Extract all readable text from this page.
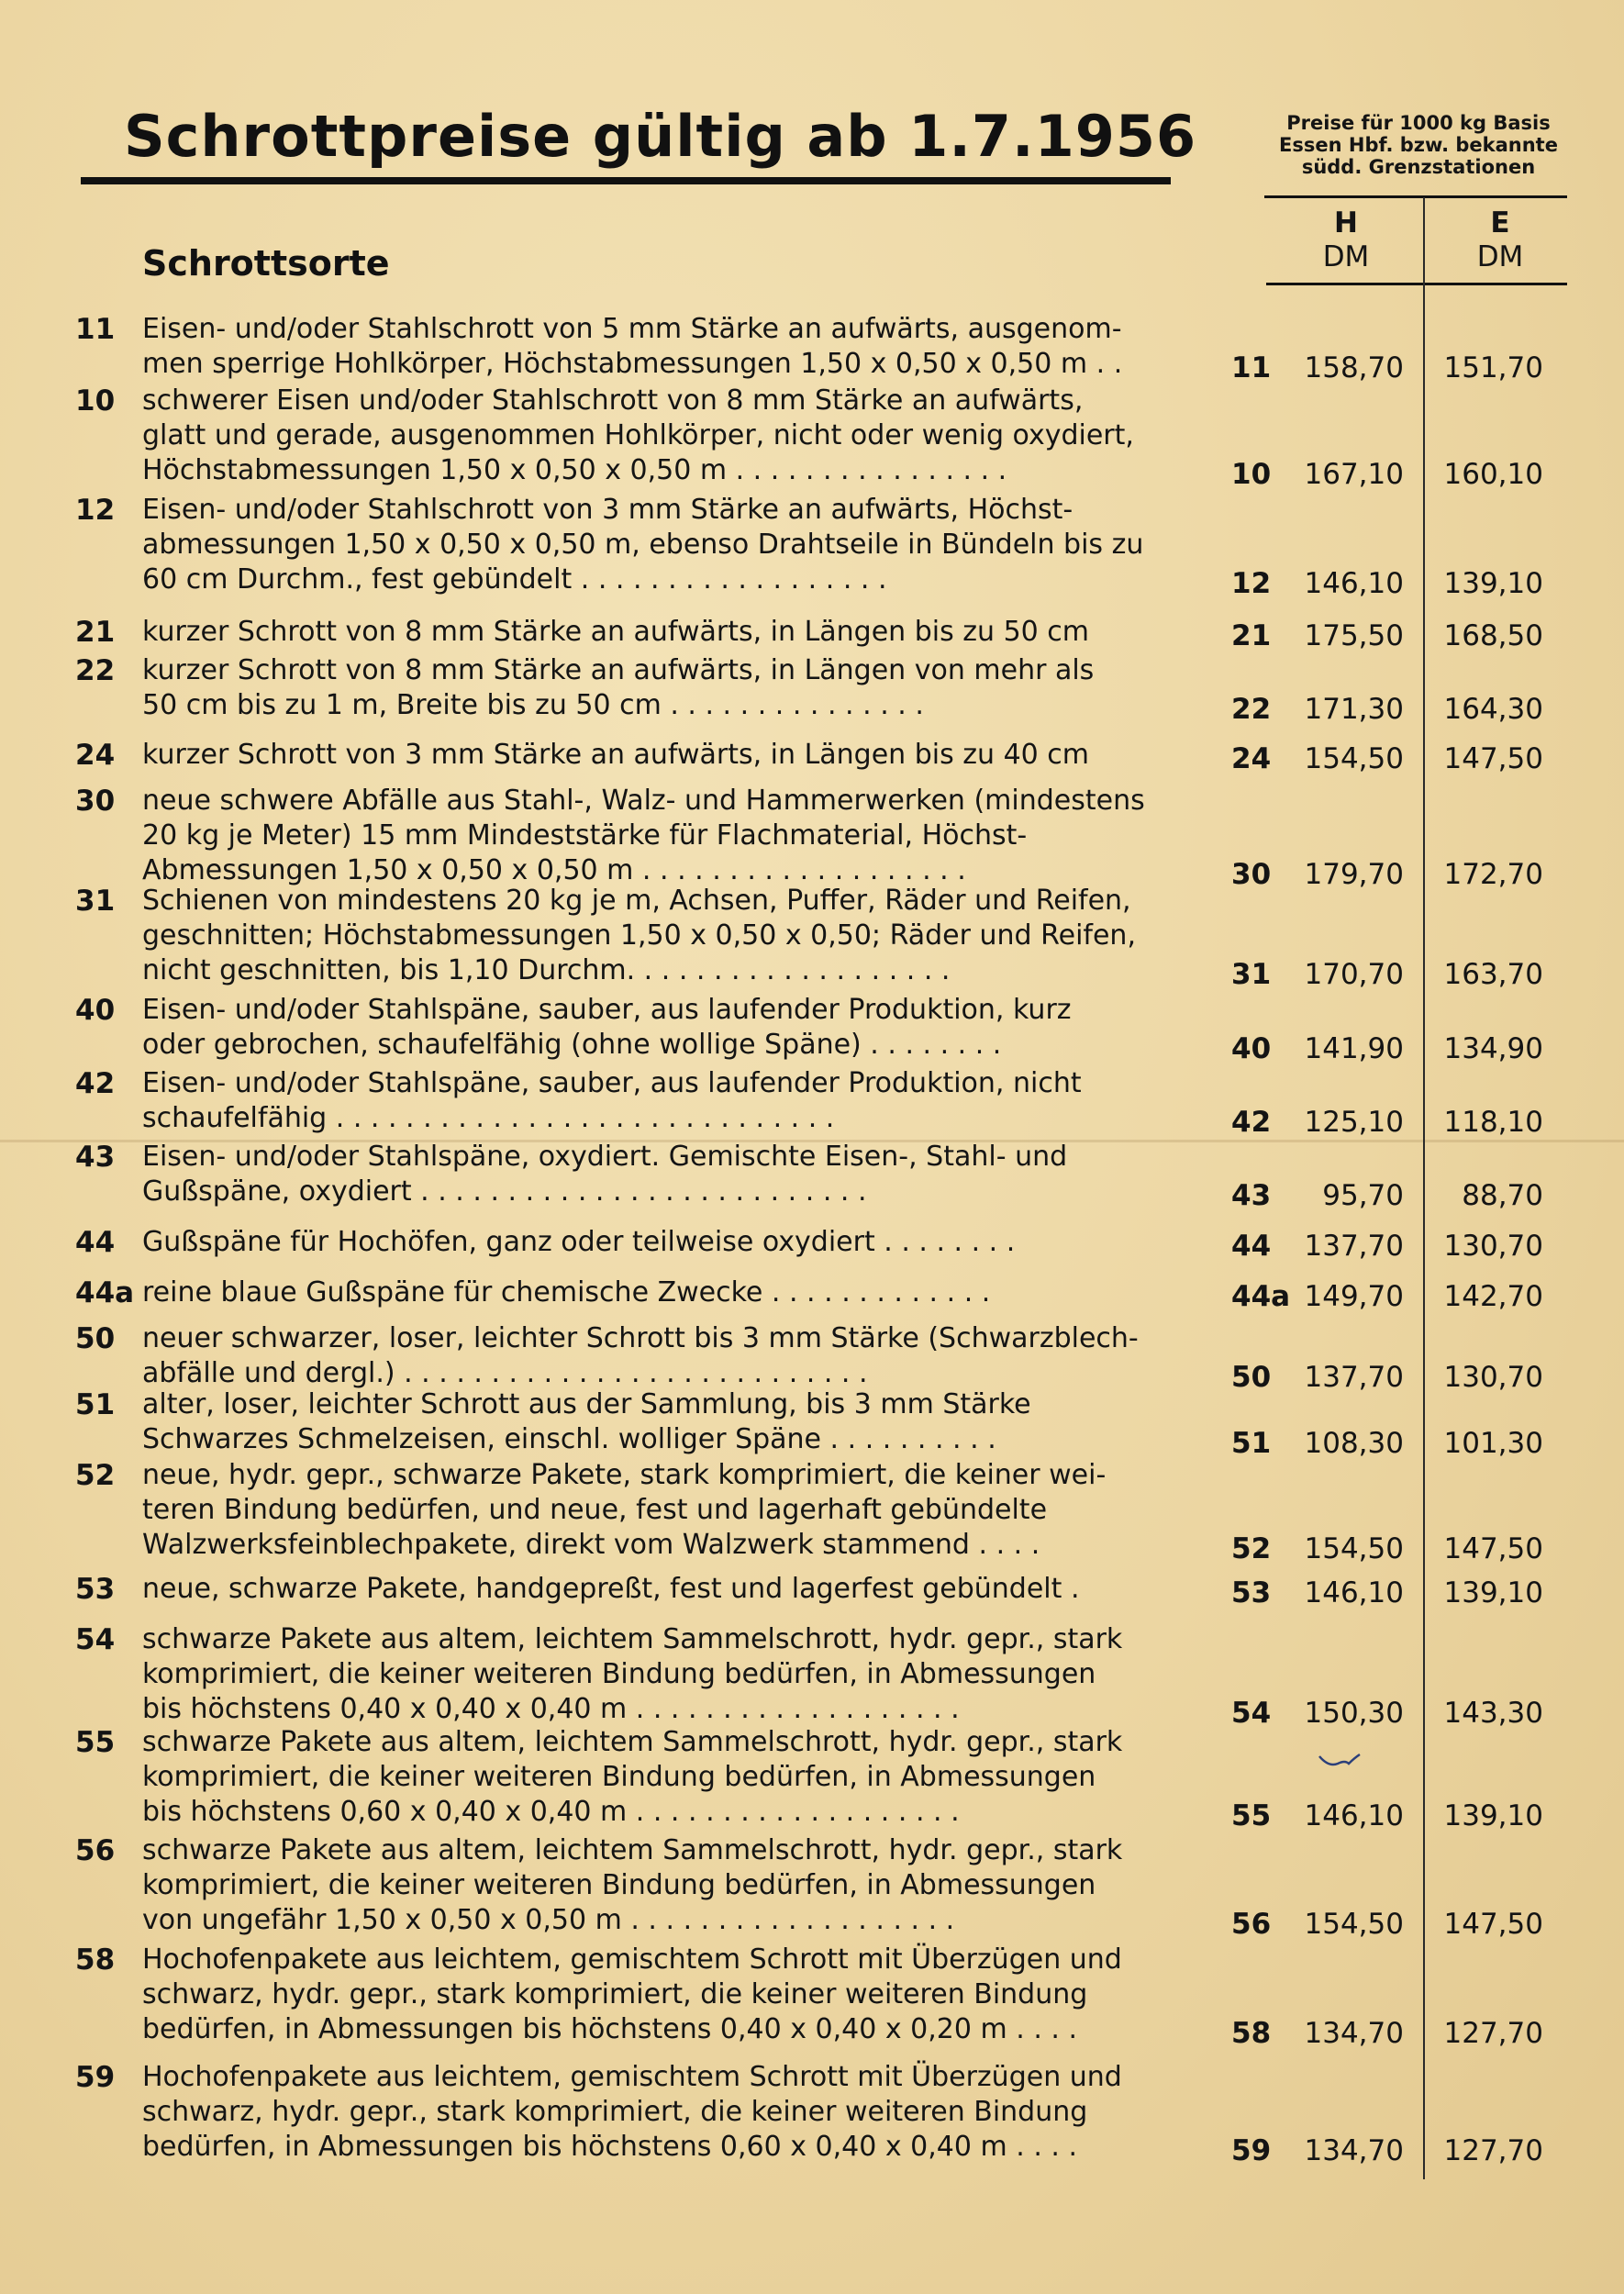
Schrottpreise gültig ab 1.7.1956	Preise für 1000 kg Basis
Essen Hbf. bzw. bekannte
südd. Grenzstationen
H
DM
E
DM
Schrottsorte
11 Eisen- und/oder Stahlschrott von 5 mm Stärke an aufwärts, ausgenom-
men sperrige Hohlkörper, Höchstabmessungen 1,50 x 0,50 x 0,50 m . .	11	158,70	151,70
10 schwerer Eisen und/oder Stahlschrott von 8 mm Stärke an aufwärts,
glatt und gerade, ausgenommen Hohlkörper, nicht oder wenig oxydiert,
Höchstabmessungen 1,50 x 0,50 x 0,50 m . . . . . . . . . . . . . . . .	10	167,10	160,10
12 Eisen- und/oder Stahlschrott von 3 mm Stärke an aufwärts, Höchst-
abmessungen 1,50 x 0,50 x 0,50 m, ebenso Drahtseile in Bündeln bis zu
60 cm Durchm., fest gebündelt . . . . . . . . . . . . . . . . . .	12	146,10	139,10
21 kurzer Schrott von 8 mm Stärke an aufwärts, in Längen bis zu 50 cm	21	175,50	168,50
22 kurzer Schrott von 8 mm Stärke an aufwärts, in Längen von mehr als
50 cm bis zu 1 m, Breite bis zu 50 cm . . . . . . . . . . . . . . .	22	171,30	164,30
24 kurzer Schrott von 3 mm Stärke an aufwärts, in Längen bis zu 40 cm	24	154,50	147,50
30 neue schwere Abfälle aus Stahl-, Walz- und Hammerwerken (mindestens
20 kg je Meter) 15 mm Mindeststärke für Flachmaterial, Höchst-
Abmessungen 1,50 x 0,50 x 0,50 m . . . . . . . . . . . . . . . . . . .	30	179,70	172,70
31 Schienen von mindestens 20 kg je m, Achsen, Puffer, Räder und Reifen,
geschnitten; Höchstabmessungen 1,50 x 0,50 x 0,50; Räder und Reifen,
nicht geschnitten, bis 1,10 Durchm. . . . . . . . . . . . . . . . . . .	31	170,70	163,70
40 Eisen- und/oder Stahlspäne, sauber, aus laufender Produktion, kurz
oder gebrochen, schaufelfähig (ohne wollige Späne) . . . . . . . .	40	141,90	134,90
42 Eisen- und/oder Stahlspäne, sauber, aus laufender Produktion, nicht
schaufelfähig . . . . . . . . . . . . . . . . . . . . . . . . . . . . .	42	125,10	118,10
43 Eisen- und/oder Stahlspäne, oxydiert. Gemischte Eisen-, Stahl- und
Gußspäne, oxydiert . . . . . . . . . . . . . . . . . . . . . . . . . .	43	95,70	88,70
44 Gußspäne für Hochöfen, ganz oder teilweise oxydiert . . . . . . . .	44	137,70	130,70
44a reine blaue Gußspäne für chemische Zwecke . . . . . . . . . . . . .	44a 149,70	142,70
50 neuer schwarzer, loser, leichter Schrott bis 3 mm Stärke (Schwarzblech-
abfälle und dergl.) . . . . . . . . . . . . . . . . . . . . . . . . . . .	50	137,70	130,70
51 alter, loser, leichter Schrott aus der Sammlung, bis 3 mm Stärke
Schwarzes Schmelzeisen, einschl. wolliger Späne . . . . . . . . . .	51	108,30	101,30
52 neue, hydr. gepr., schwarze Pakete, stark komprimiert, die keiner wei-
teren Bindung bedürfen, und neue, fest und lagerhaft gebündelte
Walzwerksfeinblechpakete, direkt vom Walzwerk stammend . . . .	52	154,50	147,50
53 neue, schwarze Pakete, handgepreßt, fest und lagerfest gebündelt .	53	146,10	139,10
54 schwarze Pakete aus altem, leichtem Sammelschrott, hydr. gepr., stark
komprimiert, die keiner weiteren Bindung bedürfen, in Abmessungen
bis höchstens 0,40 x 0,40 x 0,40 m . . . . . . . . . . . . . . . . . . .	54	150,30	143,30
55 schwarze Pakete aus altem, leichtem Sammelschrott, hydr. gepr., stark
komprimiert, die keiner weiteren Bindung bedürfen, in Abmessungen
bis höchstens 0,60 x 0,40 x 0,40 m . . . . . . . . . . . . . . . . . . .	55	146,10	139,10
56 schwarze Pakete aus altem, leichtem Sammelschrott, hydr. gepr., stark
komprimiert, die keiner weiteren Bindung bedürfen, in Abmessungen
von ungefähr 1,50 x 0,50 x 0,50 m . . . . . . . . . . . . . . . . . . .	56	154,50	147,50
58 Hochofenpakete aus leichtem, gemischtem Schrott mit Überzügen und
schwarz, hydr. gepr., stark komprimiert, die keiner weiteren Bindung
bedürfen, in Abmessungen bis höchstens 0,40 x 0,40 x 0,20 m . . . .	58	134,70	127,70
59 Hochofenpakete aus leichtem, gemischtem Schrott mit Überzügen und
schwarz, hydr. gepr., stark komprimiert, die keiner weiteren Bindung
bedürfen, in Abmessungen bis höchstens 0,60 x 0,40 x 0,40 m . . . .	59	134,70	127,70
